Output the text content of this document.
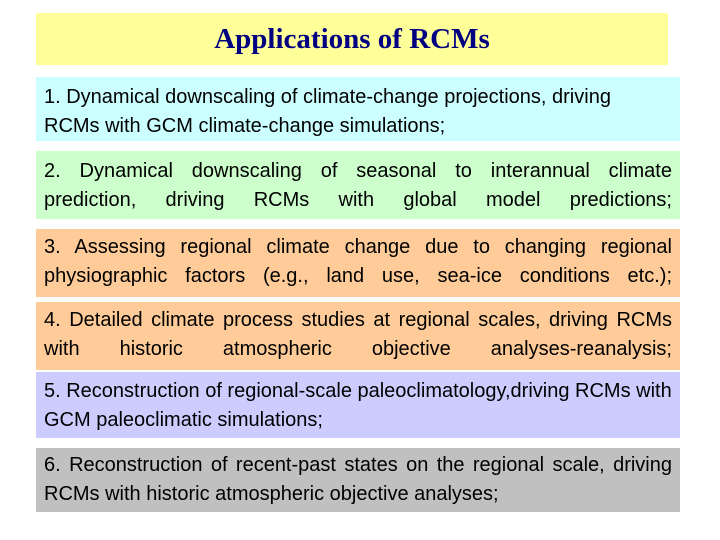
Applications of RCMs
1. Dynamical downscaling of climate-change projections, driving RCMs with GCM climate-change simulations;
2. Dynamical downscaling of seasonal to interannual climate prediction, driving RCMs with global model predictions;
3. Assessing regional climate change due to changing regional physiographic factors (e.g., land use, sea-ice conditions etc.);
4. Detailed climate process studies at regional scales, driving RCMs with historic atmospheric objective analyses-reanalysis;
5. Reconstruction of regional-scale paleoclimatology,driving RCMs with GCM paleoclimatic simulations;
6. Reconstruction of recent-past states on the regional scale, driving RCMs with historic atmospheric objective analyses;
